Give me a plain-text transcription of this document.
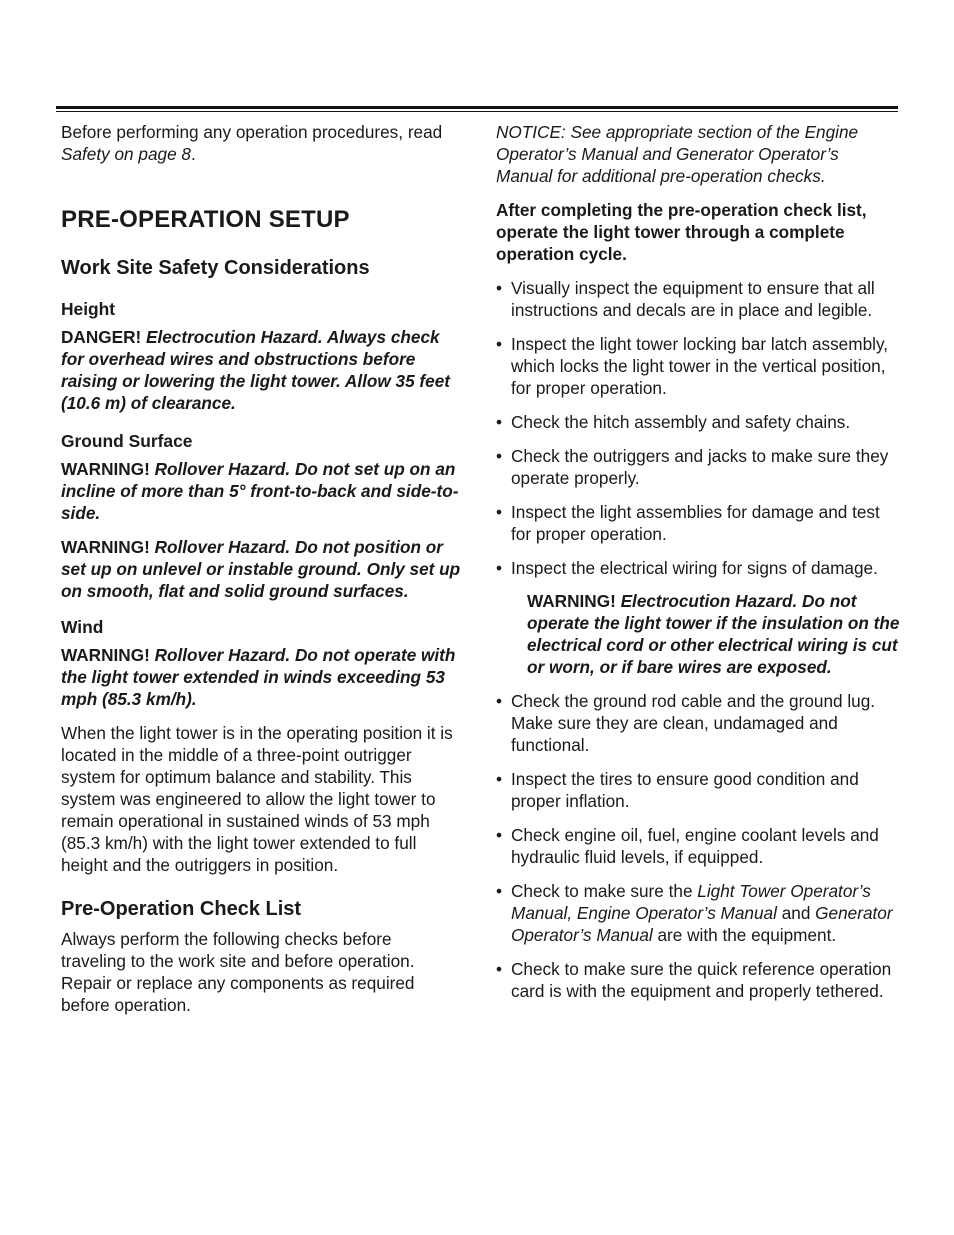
Before performing any operation procedures, read Safety on page 8.

PRE-OPERATION SETUP
Work Site Safety Considerations
Height

DANGER! Electrocution Hazard. Always check for overhead wires and obstructions before raising or lowering the light tower. Allow 35 feet (10.6 m) of clearance.

Ground Surface

WARNING! Rollover Hazard. Do not set up on an incline of more than 5° front-to-back and side-to-side.

WARNING! Rollover Hazard. Do not position or set up on unlevel or instable ground. Only set up on smooth, flat and solid ground surfaces.

Wind

WARNING! Rollover Hazard. Do not operate with the light tower extended in winds exceeding 53 mph (85.3 km/h).

When the light tower is in the operating position it is located in the middle of a three-point outrigger system for optimum balance and stability. This system was engineered to allow the light tower to remain operational in sustained winds of 53 mph (85.3 km/h) with the light tower extended to full height and the outriggers in position.

Pre-Operation Check List

Always perform the following checks before traveling to the work site and before operation. Repair or replace any components as required before operation.

NOTICE: See appropriate section of the Engine Operator’s Manual and Generator Operator’s Manual for additional pre-operation checks.

After completing the pre-operation check list, operate the light tower through a complete operation cycle.

• Visually inspect the equipment to ensure that all instructions and decals are in place and legible.
• Inspect the light tower locking bar latch assembly, which locks the light tower in the vertical position, for proper operation.
• Check the hitch assembly and safety chains.
• Check the outriggers and jacks to make sure they operate properly.
• Inspect the light assemblies for damage and test for proper operation.
• Inspect the electrical wiring for signs of damage.

WARNING! Electrocution Hazard. Do not operate the light tower if the insulation on the electrical cord or other electrical wiring is cut or worn, or if bare wires are exposed.

• Check the ground rod cable and the ground lug. Make sure they are clean, undamaged and functional.
• Inspect the tires to ensure good condition and proper inflation.
• Check engine oil, fuel, engine coolant levels and hydraulic fluid levels, if equipped.
• Check to make sure the Light Tower Operator’s Manual, Engine Operator’s Manual and Generator Operator’s Manual are with the equipment.
• Check to make sure the quick reference operation card is with the equipment and properly tethered.
